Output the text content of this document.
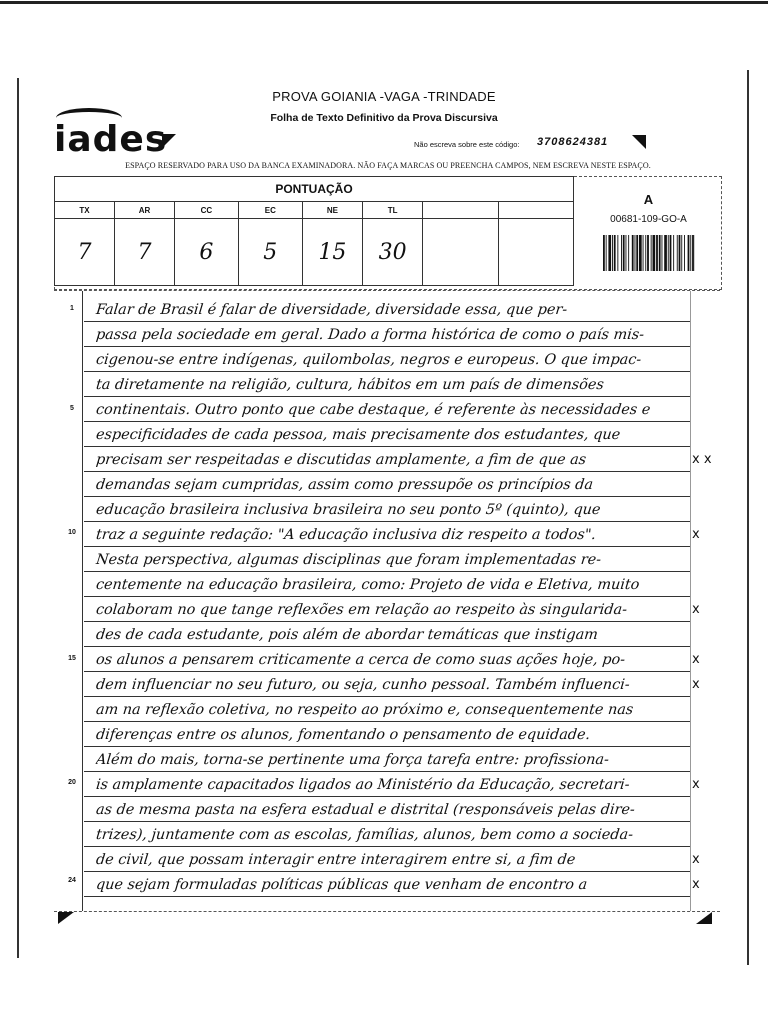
iades
PROVA GOIANIA -VAGA -TRINDADE
Folha de Texto Definitivo da Prova Discursiva
Não escreva sobre este código: 3708624381
ESPAÇO RESERVADO PARA USO DA BANCA EXAMINADORA. NÃO FAÇA MARCAS OU PREENCHA CAMPOS, NEM ESCREVA NESTE ESPAÇO.
PONTUAÇÃO							
TX	AR	CC	EC	NE	TL		
7	7	6	5	15	30		
A
00681-109-GO-A
1
5
10
15
20
24
Falar de Brasil é falar de diversidade, diversidade essa, que per-
passa pela sociedade em geral. Dado a forma histórica de como o país mis-
cigenou-se entre indígenas, quilombolas, negros e europeus. O que impac-
ta diretamente na religião, cultura, hábitos em um país de dimensões
continentais. Outro ponto que cabe destaque, é referente às necessidades e
especificidades de cada pessoa, mais precisamente dos estudantes, que
precisam ser respeitadas e discutidas amplamente, a fim de que as
demandas sejam cumpridas, assim como pressupõe os princípios da
educação brasileira inclusiva brasileira no seu ponto 5º (quinto), que
traz a seguinte redação: "A educação inclusiva diz respeito a todos".
Nesta perspectiva, algumas disciplinas que foram implementadas re-
centemente na educação brasileira, como: Projeto de vida e Eletiva, muito
colaboram no que tange reflexões em relação ao respeito às singularida-
des de cada estudante, pois além de abordar temáticas que instigam
os alunos a pensarem criticamente a cerca de como suas ações hoje, po-
dem influenciar no seu futuro, ou seja, cunho pessoal. Também influenci-
am na reflexão coletiva, no respeito ao próximo e, consequentemente nas
diferenças entre os alunos, fomentando o pensamento de equidade.
Além do mais, torna-se pertinente uma força tarefa entre: profissiona-
is amplamente capacitados ligados ao Ministério da Educação, secretari-
as de mesma pasta na esfera estadual e distrital (responsáveis pelas dire-
trizes), juntamente com as escolas, famílias, alunos, bem como a socieda-
de civil, que possam interagir entre interagirem entre si, a fim de
que sejam formuladas políticas públicas que venham de encontro a
x x
x
x
x
x
x
x
x
